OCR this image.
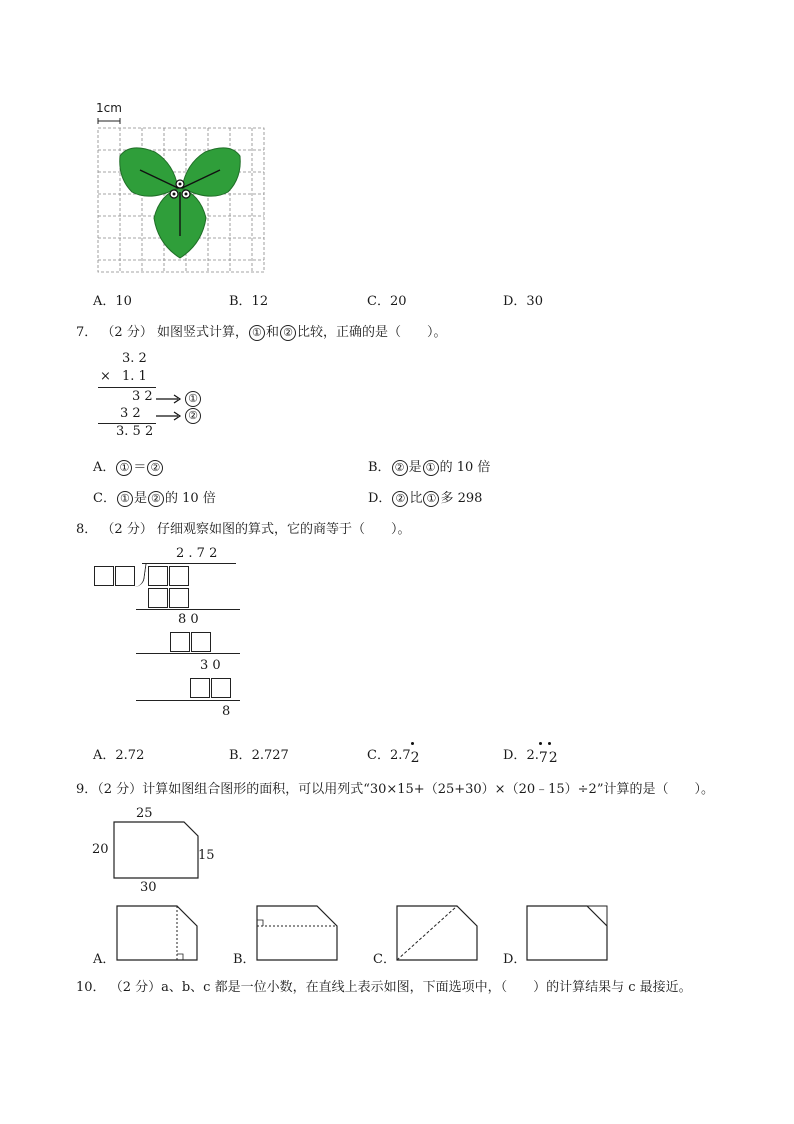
1cm
A．10	B．12	C．20	D．30
7． （2 分） 如图竖式计算， ① 和 ② 比较，正确的是（　　）。
3. 2
× 1. 1
3 2
3 2
3. 5 2
①
②
A． ① ＝ ②	B． ② 是 ① 的 10 倍
C． ① 是 ② 的 10 倍	D． ② 比 ① 多 298
8． （2 分） 仔细观察如图的算式，它的商等于（　　）。
2 . 7 2
8 0
3 0
8
A．2.72	B．2.727	C．2.72	D．2.72
9．（2 分）计算如图组合图形的面积，可以用列式“30×15+（25+30）×（20﹣15）÷2”计算的是（　　）。
25
20	15
30
A．	B．	C．	D．
10． （2 分）a、b、c 都是一位小数，在直线上表示如图，下面选项中，（　　）的计算结果与 c 最接近。
